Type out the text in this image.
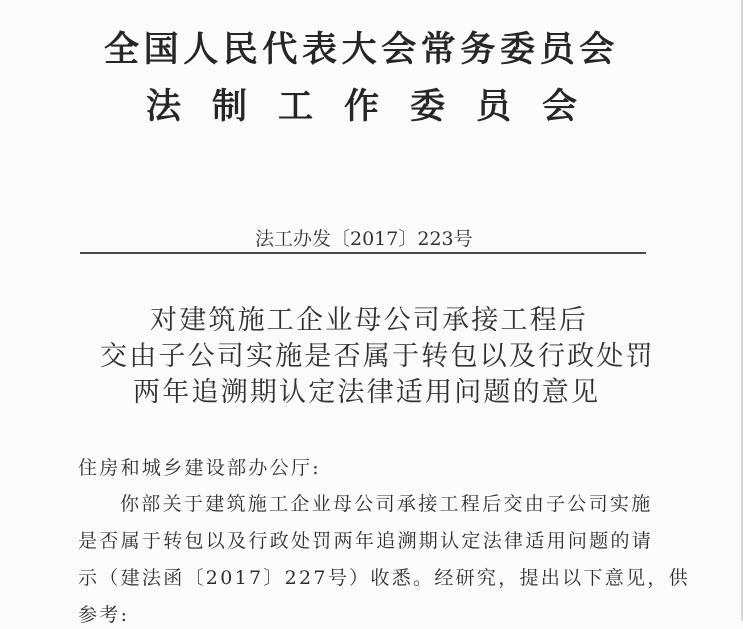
全国人民代表大会常务委员会
法制工作委员会
法工办发〔2017〕223号
对建筑施工企业母公司承接工程后
交由子公司实施是否属于转包以及行政处罚
两年追溯期认定法律适用问题的意见
住房和城乡建设部办公厅:
你部关于建筑施工企业母公司承接工程后交由子公司实施
是否属于转包以及行政处罚两年追溯期认定法律适用问题的请
示（建法函〔2017〕227号）收悉。经研究，提出以下意见，供
参考:
